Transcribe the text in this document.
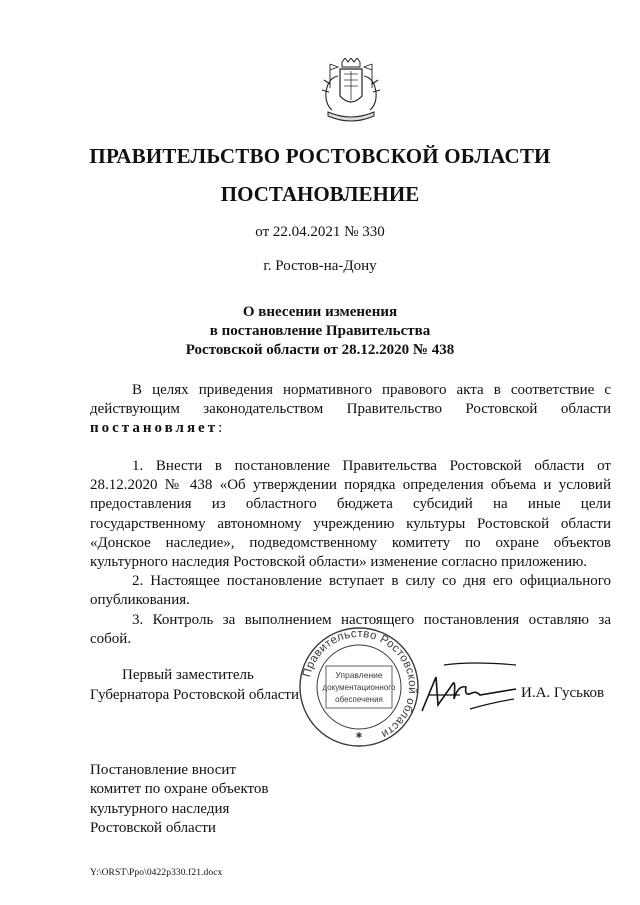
ПРАВИТЕЛЬСТВО РОСТОВСКОЙ ОБЛАСТИ
ПОСТАНОВЛЕНИЕ
от 22.04.2021 № 330
г. Ростов-на-Дону
О внесении изменения
в постановление Правительства
Ростовской области от 28.12.2020 № 438
В целях приведения нормативного правового акта в соответствие с действующим законодательством Правительство Ростовской области постановляет:

1. Внести в постановление Правительства Ростовской области от 28.12.2020 № 438 «Об утверждении порядка определения объема и условий предоставления из областного бюджета субсидий на иные цели государственному автономному учреждению культуры Ростовской области «Донское наследие», подведомственному комитету по охране объектов культурного наследия Ростовской области» изменение согласно приложению.

2. Настоящее постановление вступает в силу со дня его официального опубликования.

3. Контроль за выполнением настоящего постановления оставляю за собой.

Правительство Ростовской области
Управление
документационного
обеспечения
✱
Первый заместитель
Губернатора Ростовской области	И.А. Гуськов
Постановление вносит
комитет по охране объектов
культурного наследия
Ростовской области
Y:\ORST\Ppo\0422p330.f21.docx
